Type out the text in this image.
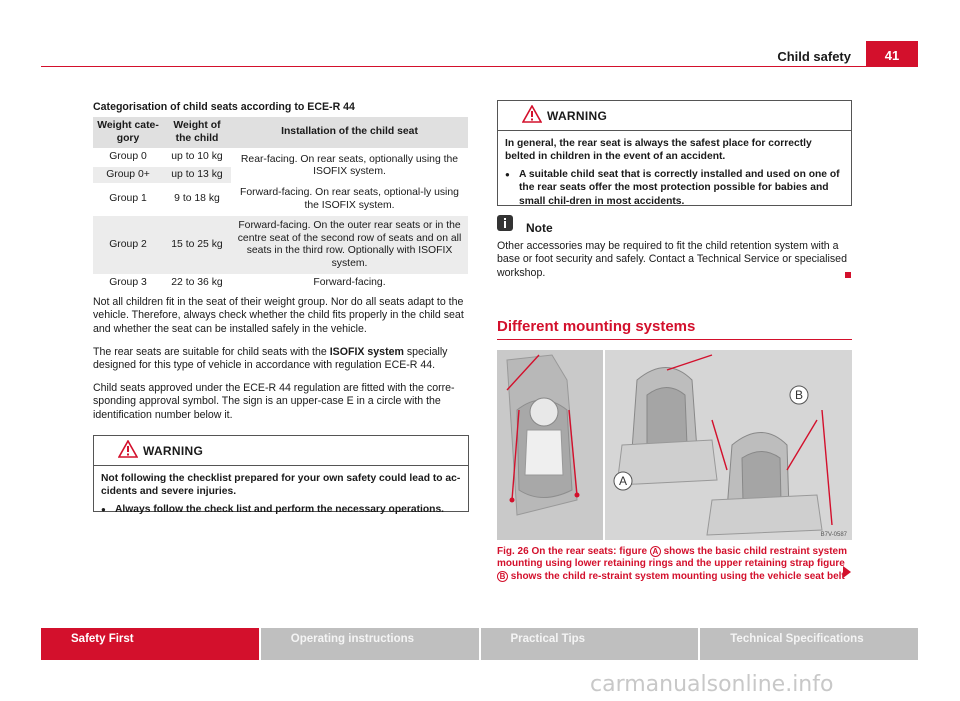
Child safety	41
Categorisation of child seats according to ECE-R 44
Weight cate-gory	Weight of the child	Installation of the child seat
Group 0	up to 10 kg	Rear-facing. On rear seats, optionally using the ISOFIX system.
Group 0+	up to 13 kg	
Group 1	9 to 18 kg	Forward-facing. On rear seats, optional-ly using the ISOFIX system.
Group 2	15 to 25 kg	Forward-facing. On the outer rear seats or in the centre seat of the second row of seats and on all seats in the third row. Optionally with ISOFIX system.
Group 3	22 to 36 kg	Forward-facing.
Not all children fit in the seat of their weight group. Nor do all seats adapt to the vehicle. Therefore, always check whether the child fits properly in the child seat and whether the seat can be installed safely in the vehicle.
The rear seats are suitable for child seats with the ISOFIX system specially designed for this type of vehicle in accordance with regulation ECE-R 44.
Child seats approved under the ECE-R 44 regulation are fitted with the corre-sponding approval symbol. The sign is an upper-case E in a circle with the identification number below it.
WARNING
Not following the checklist prepared for your own safety could lead to ac-cidents and severe injuries.
● Always follow the check list and perform the necessary operations.
WARNING
In general, the rear seat is always the safest place for correctly belted in children in the event of an accident.
● A suitable child seat that is correctly installed and used on one of the rear seats offer the most protection possible for babies and small chil-dren in most accidents.
Note
Other accessories may be required to fit the child retention system with a base or foot security and safely. Contact a Technical Service or specialised workshop.
Different mounting systems
A
B
B7V-0587
Fig. 26 On the rear seats: figure A shows the basic child restraint system mounting using lower retaining rings and the upper retaining strap figure B shows the child re-straint system mounting using the vehicle seat belt
Safety First	Operating instructions	Practical Tips	Technical Specifications
carmanualsonline.info
